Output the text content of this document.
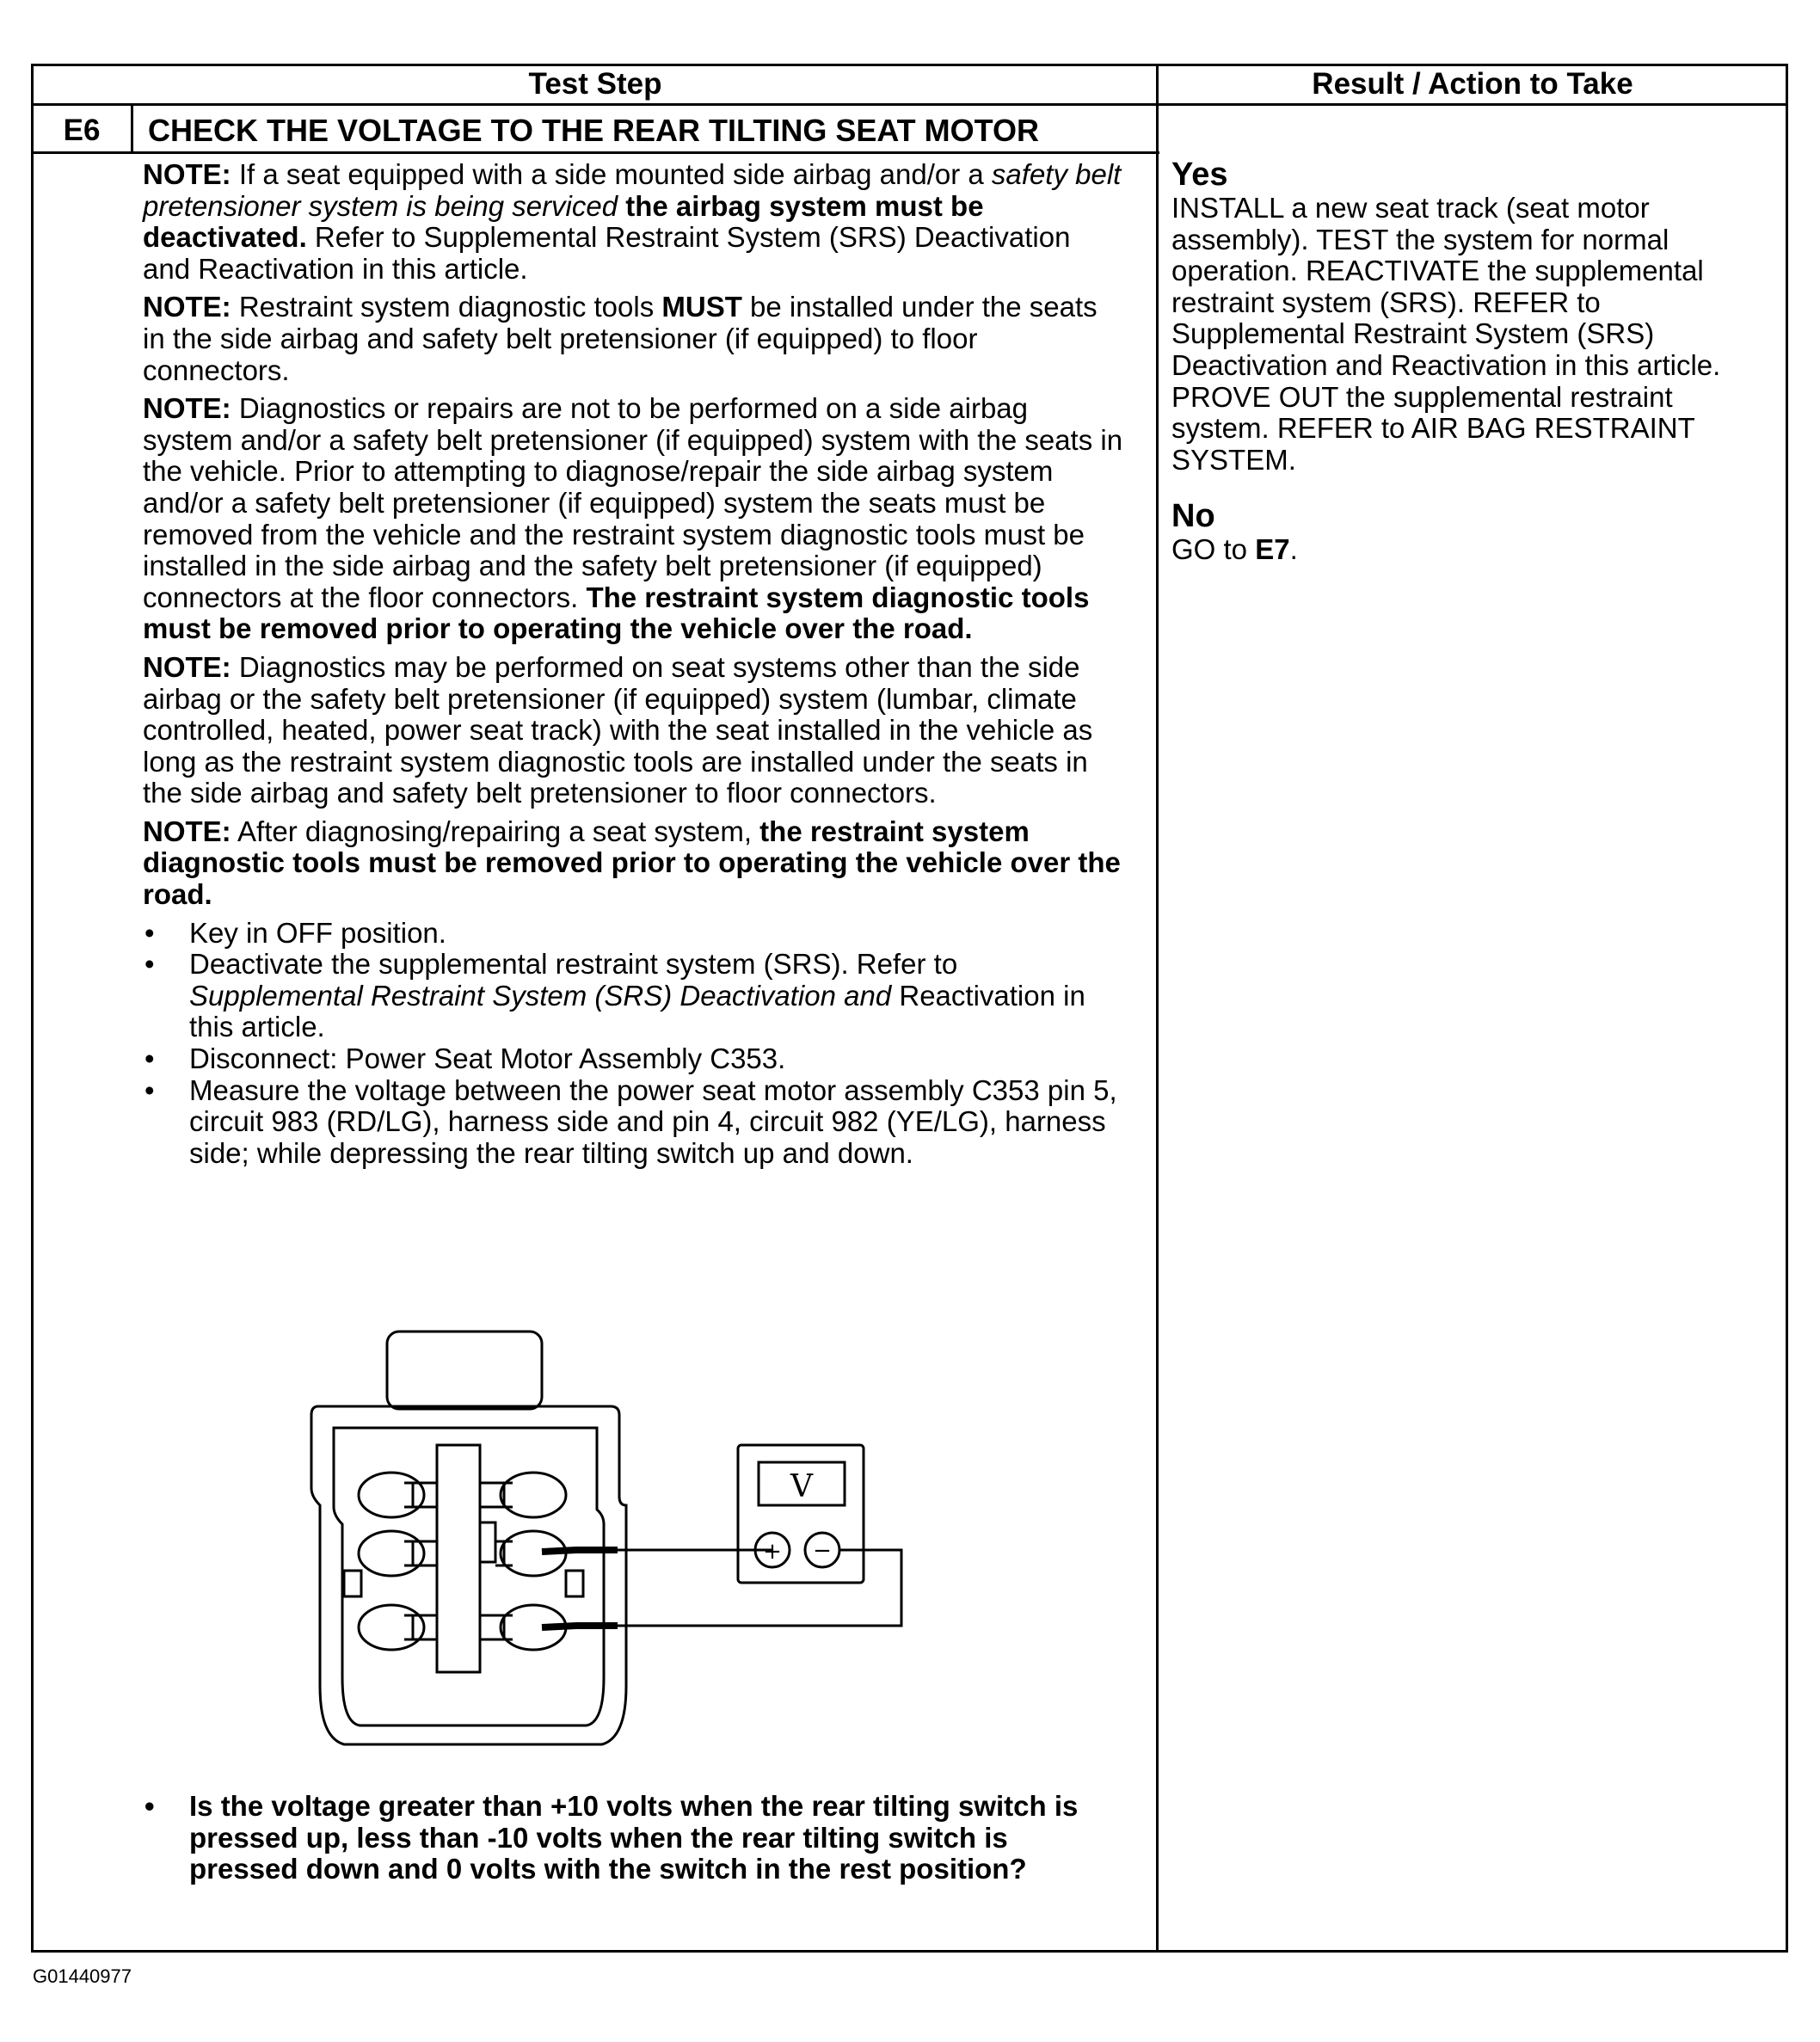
Test Step	Result / Action to Take
E6	CHECK THE VOLTAGE TO THE REAR TILTING SEAT MOTOR

NOTE: If a seat equipped with a side mounted side airbag and/or a safety belt pretensioner system is being serviced the airbag system must be deactivated. Refer to Supplemental Restraint System (SRS) Deactivation and Reactivation in this article.

NOTE: Restraint system diagnostic tools MUST be installed under the seats in the side airbag and safety belt pretensioner (if equipped) to floor connectors.

NOTE: Diagnostics or repairs are not to be performed on a side airbag system and/or a safety belt pretensioner (if equipped) system with the seats in the vehicle. Prior to attempting to diagnose/repair the side airbag system and/or a safety belt pretensioner (if equipped) system the seats must be removed from the vehicle and the restraint system diagnostic tools must be installed in the side airbag and the safety belt pretensioner (if equipped) connectors at the floor connectors. The restraint system diagnostic tools must be removed prior to operating the vehicle over the road.

NOTE: Diagnostics may be performed on seat systems other than the side airbag or the safety belt pretensioner (if equipped) system (lumbar, climate controlled, heated, power seat track) with the seat installed in the vehicle as long as the restraint system diagnostic tools are installed under the seats in the side airbag and safety belt pretensioner to floor connectors.

NOTE: After diagnosing/repairing a seat system, the restraint system diagnostic tools must be removed prior to operating the vehicle over the road.

• Key in OFF position.
• Deactivate the supplemental restraint system (SRS). Refer to Supplemental Restraint System (SRS) Deactivation and Reactivation in this article.
• Disconnect: Power Seat Motor Assembly C353.
• Measure the voltage between the power seat motor assembly C353 pin 5, circuit 983 (RD/LG), harness side and pin 4, circuit 982 (YE/LG), harness side; while depressing the rear tilting switch up and down.
V
+ −
• Is the voltage greater than +10 volts when the rear tilting switch is pressed up, less than -10 volts when the rear tilting switch is pressed down and 0 volts with the switch in the rest position?

Yes

INSTALL a new seat track (seat motor assembly). TEST the system for normal operation. REACTIVATE the supplemental restraint system (SRS). REFER to Supplemental Restraint System (SRS) Deactivation and Reactivation in this article. PROVE OUT the supplemental restraint system. REFER to AIR BAG RESTRAINT SYSTEM.

No

GO to E7.

G01440977
